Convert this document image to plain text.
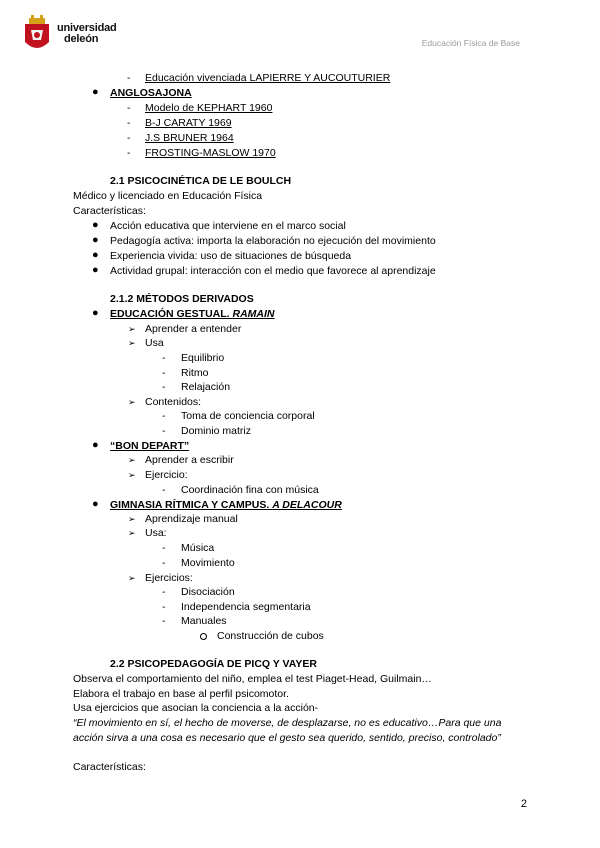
universidad
deleón	Educación Física de Base
- Educación vivenciada LAPIERRE Y AUCOUTURIER
● ANGLOSAJONA
- Modelo de KEPHART 1960
- B-J CARATY 1969
- J.S BRUNER 1964
- FROSTING-MASLOW 1970
2.1 PSICOCINÉTICA DE LE BOULCH
Médico y licenciado en Educación Física
Características:
● Acción educativa que interviene en el marco social
● Pedagogía activa: importa la elaboración no ejecución del movimiento
● Experiencia vivida: uso de situaciones de búsqueda
● Actividad grupal: interacción con el medio que favorece al aprendizaje
2.1.2 MÉTODOS DERIVADOS
● EDUCACIÓN GESTUAL. RAMAIN
➢ Aprender a entender
➢ Usa
- Equilibrio
- Ritmo
- Relajación
➢ Contenidos:
- Toma de conciencia corporal
- Dominio matriz
● “BON DEPART”
➢ Aprender a escribir
➢ Ejercicio:
- Coordinación fina con música
● GIMNASIA RÍTMICA Y CAMPUS. A DELACOUR
➢ Aprendizaje manual
➢ Usa:
- Música
- Movimiento
➢ Ejercicios:
- Disociación
- Independencia segmentaria
- Manuales
Construcción de cubos
2.2 PSICOPEDAGOGÍA DE PICQ Y VAYER
Observa el comportamiento del niño, emplea el test Piaget-Head, Guilmain…
Elabora el trabajo en base al perfil psicomotor.
Usa ejercicios que asocian la conciencia a la acción-
“El movimiento en sí, el hecho de moverse, de desplazarse, no es educativo…Para que una
acción sirva a una cosa es necesario que el gesto sea querido, sentido, preciso, controlado”
Características:
2
